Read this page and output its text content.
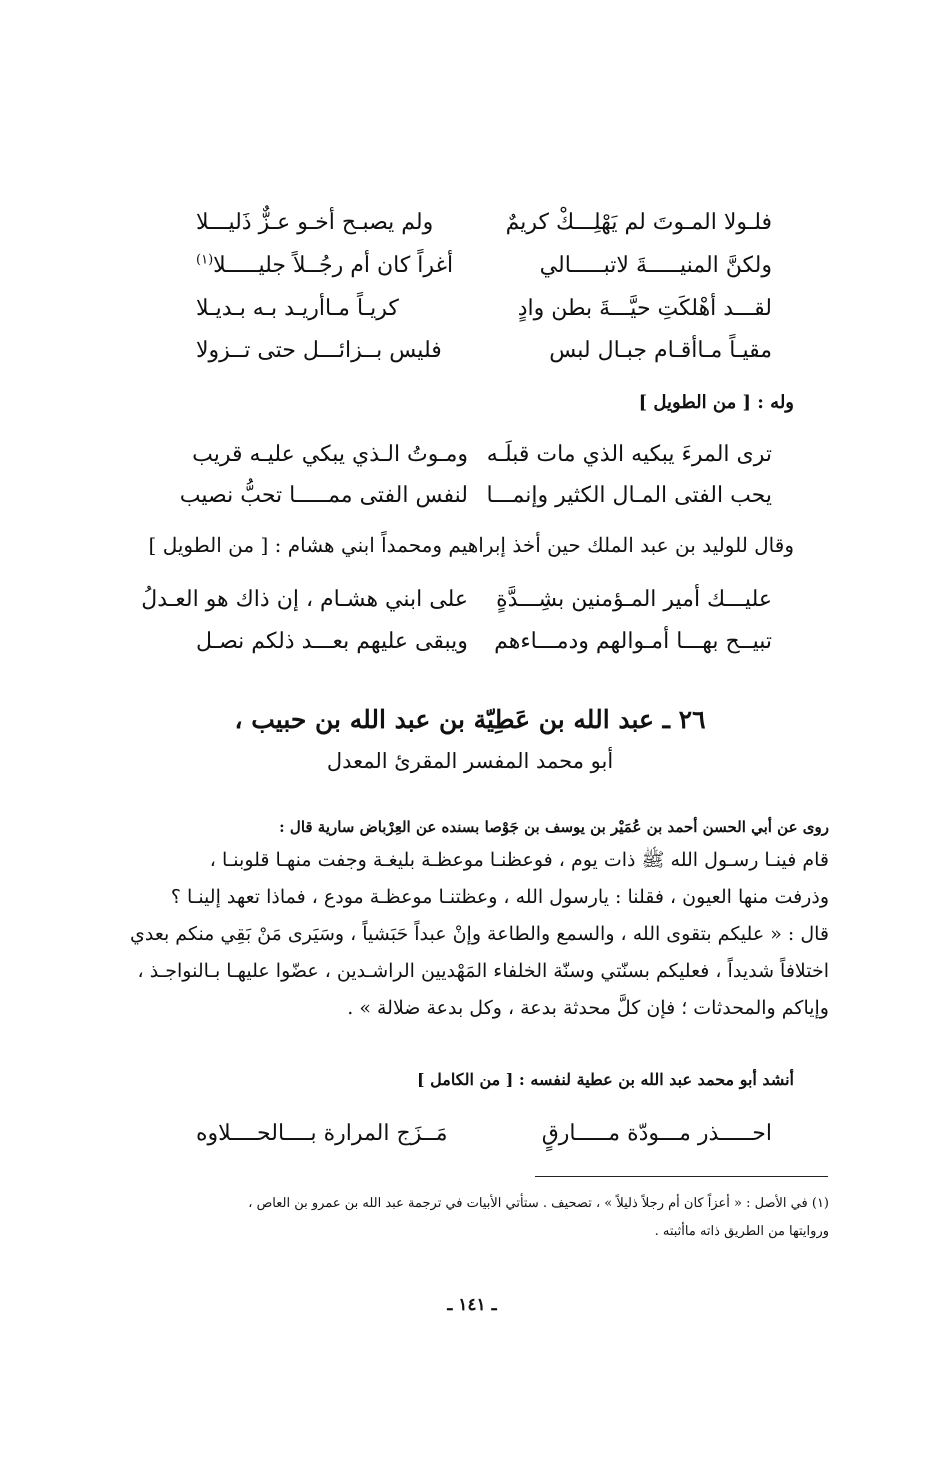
فلـولا المـوتَ لم يَهْلِـــكْ كريمٌ
ولم يصبـح أخـو عـزٌّ ذَليـــلا
ولكنَّ المنيـــــةَ لاتبـــــالي
أغراً كان أم رجُــلاً جليـــــلا$^{(١)}$
لقـــد أهْلكَتِ حيَّـــةَ بطن وادٍ
كريـاً مـاأريـد بـه بـديـلا
مقيـاً مـاأقـام جبـال لبس
فليس بــزائـــل حتى تــزولا
وله : [ من الطويل ]
ترى المرءَ يبكيه الذي مات قبلَـه
ومـوتُ الـذي يبكي عليـه قريب
يحب الفتى المـال الكثير وإنمـــا
لنفس الفتى ممـــــا تحبُّ نصيب
وقال للوليد بن عبد الملك حين أخذ إبراهيم ومحمداً ابني هشام : [ من الطويل ]
عليـــك أمير المـؤمنين بشِـــدَّةٍ
على ابني هشـام ، إن ذاك هو العـدلُ
تبيــح بهـــا أمـوالهم ودمـــاءهم
ويبقى عليهم بعـــد ذلكم نصـل
٢٦ ـ عبد الله بن عَطِيّة بن عبد الله بن حبيب ،
أبو محمد المفسر المقرئ المعدل
روى عن أبي الحسن أحمد بن عُمَيْر بن يوسف بن جَوْصا بسنده عن العِرْباض سارية قال :

قام فينـا رسـول الله ﷺ ذات يوم ، فوعظنـا موعظـة بليغـة وجفت منهـا قلوبنـا ،

وذرفت منها العيون ، فقلنا : يارسول الله ، وعظتنـا موعظـة مودع ، فماذا تعهد إلينـا ؟

قال : « عليكم بتقوى الله ، والسمع والطاعة وإنْ عبداً حَبَشياً ، وسَيَرى مَنْ بَقِي منكم بعدي

اختلافاً شديداً ، فعليكم بسنّتي وسنّة الخلفاء المَهْديين الراشـدين ، عضّوا عليهـا بـالنواجـذ ،

وإياكم والمحدثات ؛ فإن كلَّ محدثة بدعة ، وكل بدعة ضلالة » .

أنشد أبو محمد عبد الله بن عطية لنفسه : [ من الكامل ]
احـــــذر مـــودّة مـــــارقٍ
مَــزَج المرارة بــــالحــــلاوه
(١) في الأصل : « أعزاً كان أم رجلاً ذليلاً » ، تصحيف . ستأتي الأبيات في ترجمة عبد الله بن عمرو بن العاص ،
وروايتها من الطريق ذاته ماأثبته .
ـ ١٤١ ـ
